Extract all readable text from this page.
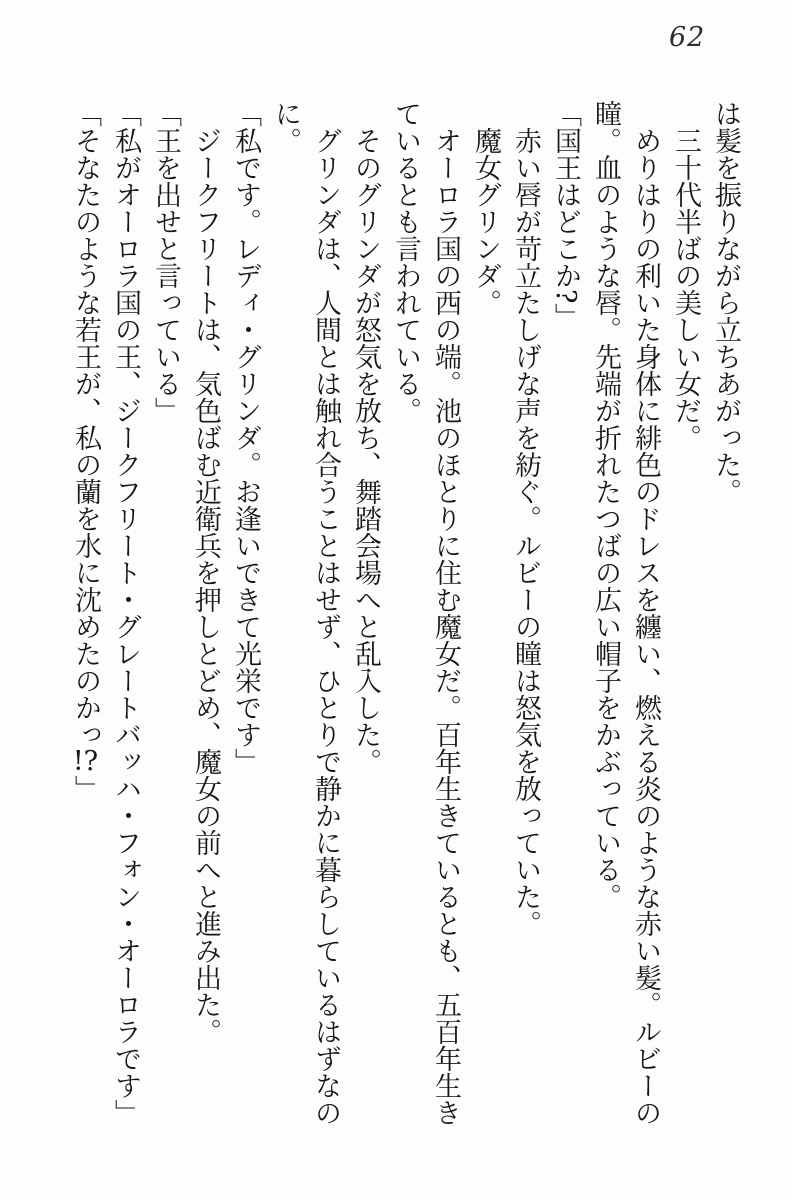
62

は髪を振りながら立ちあがった。

三十代半ばの美しい女だ。

めりはりの利いた身体に緋色のドレスを纏い、燃える炎のような赤い髪。ルビーの瞳。血のような唇。先端が折れたつばの広い帽子をかぶっている。

「国王はどこか?」

赤い唇が苛立たしげな声を紡ぐ。ルビーの瞳は怒気を放っていた。

魔女グリンダ。

オーロラ国の西の端。池のほとりに住む魔女だ。百年生きているとも、五百年生きているとも言われている。

そのグリンダが怒気を放ち、舞踏会場へと乱入した。

グリンダは、人間とは触れ合うことはせず、ひとりで静かに暮らしているはずなのに。

「私です。レディ・グリンダ。お逢いできて光栄です」

ジークフリートは、気色ばむ近衛兵を押しとどめ、魔女の前へと進み出た。

「王を出せと言っている」

「私がオーロラ国の王、ジークフリート・グレートバッハ・フォン・オーロラです」

「そなたのような若王が、私の蘭を水に沈めたのかっ!?」
